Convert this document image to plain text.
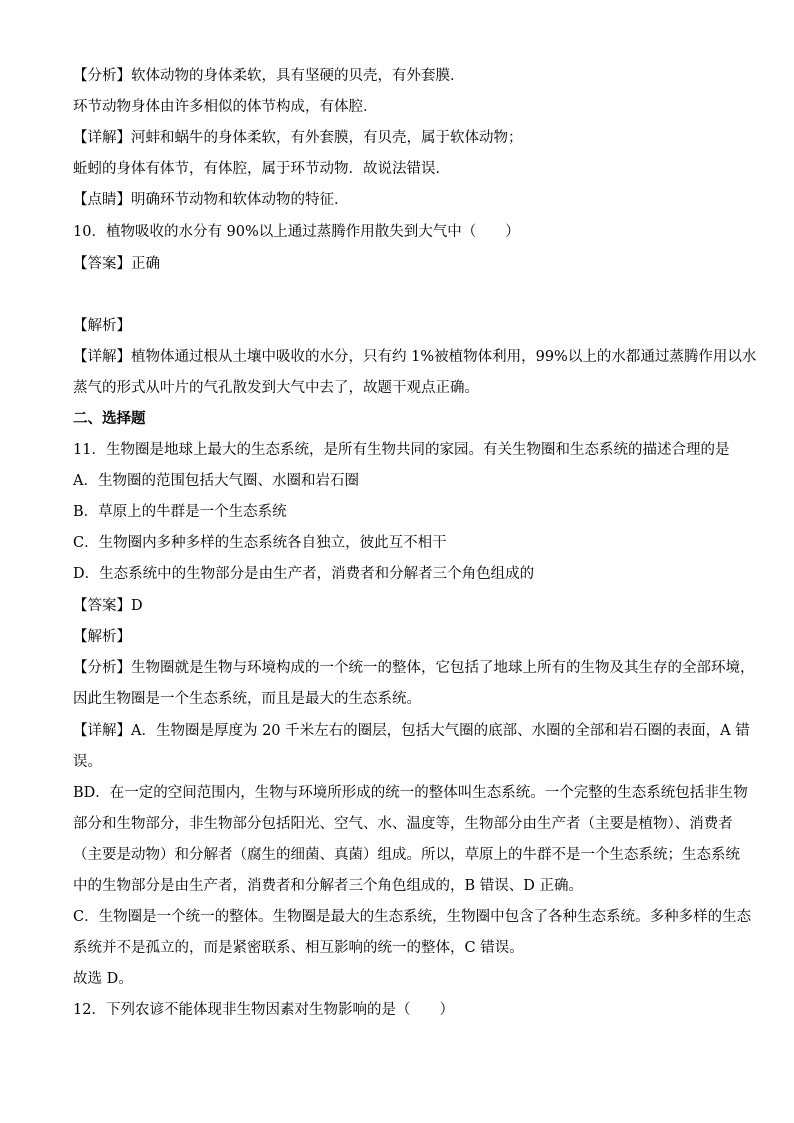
【分析】软体动物的身体柔软，具有坚硬的贝壳，有外套膜．
环节动物身体由许多相似的体节构成，有体腔．
【详解】河蚌和蜗牛的身体柔软，有外套膜，有贝壳，属于软体动物；
蚯蚓的身体有体节，有体腔，属于环节动物．故说法错误．
【点睛】明确环节动物和软体动物的特征．
10．植物吸收的水分有 90%以上通过蒸腾作用散失到大气中（　　）
【答案】正确
【解析】
【详解】植物体通过根从土壤中吸收的水分，只有约 1%被植物体利用，99%以上的水都通过蒸腾作用以水
蒸气的形式从叶片的气孔散发到大气中去了，故题干观点正确。
二、选择题
11．生物圈是地球上最大的生态系统，是所有生物共同的家园。有关生物圈和生态系统的描述合理的是
A．生物圈的范围包括大气圈、水圈和岩石圈
B．草原上的牛群是一个生态系统
C．生物圈内多种多样的生态系统各自独立，彼此互不相干
D．生态系统中的生物部分是由生产者，消费者和分解者三个角色组成的
【答案】D
【解析】
【分析】生物圈就是生物与环境构成的一个统一的整体，它包括了地球上所有的生物及其生存的全部环境，
因此生物圈是一个生态系统，而且是最大的生态系统。
【详解】A．生物圈是厚度为 20 千米左右的圈层，包括大气圈的底部、水圈的全部和岩石圈的表面，A 错
误。
BD．在一定的空间范围内，生物与环境所形成的统一的整体叫生态系统。一个完整的生态系统包括非生物
部分和生物部分，非生物部分包括阳光、空气、水、温度等，生物部分由生产者（主要是植物）、消费者
（主要是动物）和分解者（腐生的细菌、真菌）组成。所以，草原上的牛群不是一个生态系统；生态系统
中的生物部分是由生产者，消费者和分解者三个角色组成的，B 错误、D 正确。
C．生物圈是一个统一的整体。生物圈是最大的生态系统，生物圈中包含了各种生态系统。多种多样的生态
系统并不是孤立的，而是紧密联系、相互影响的统一的整体，C 错误。
故选 D。
12．下列农谚不能体现非生物因素对生物影响的是（　　）
